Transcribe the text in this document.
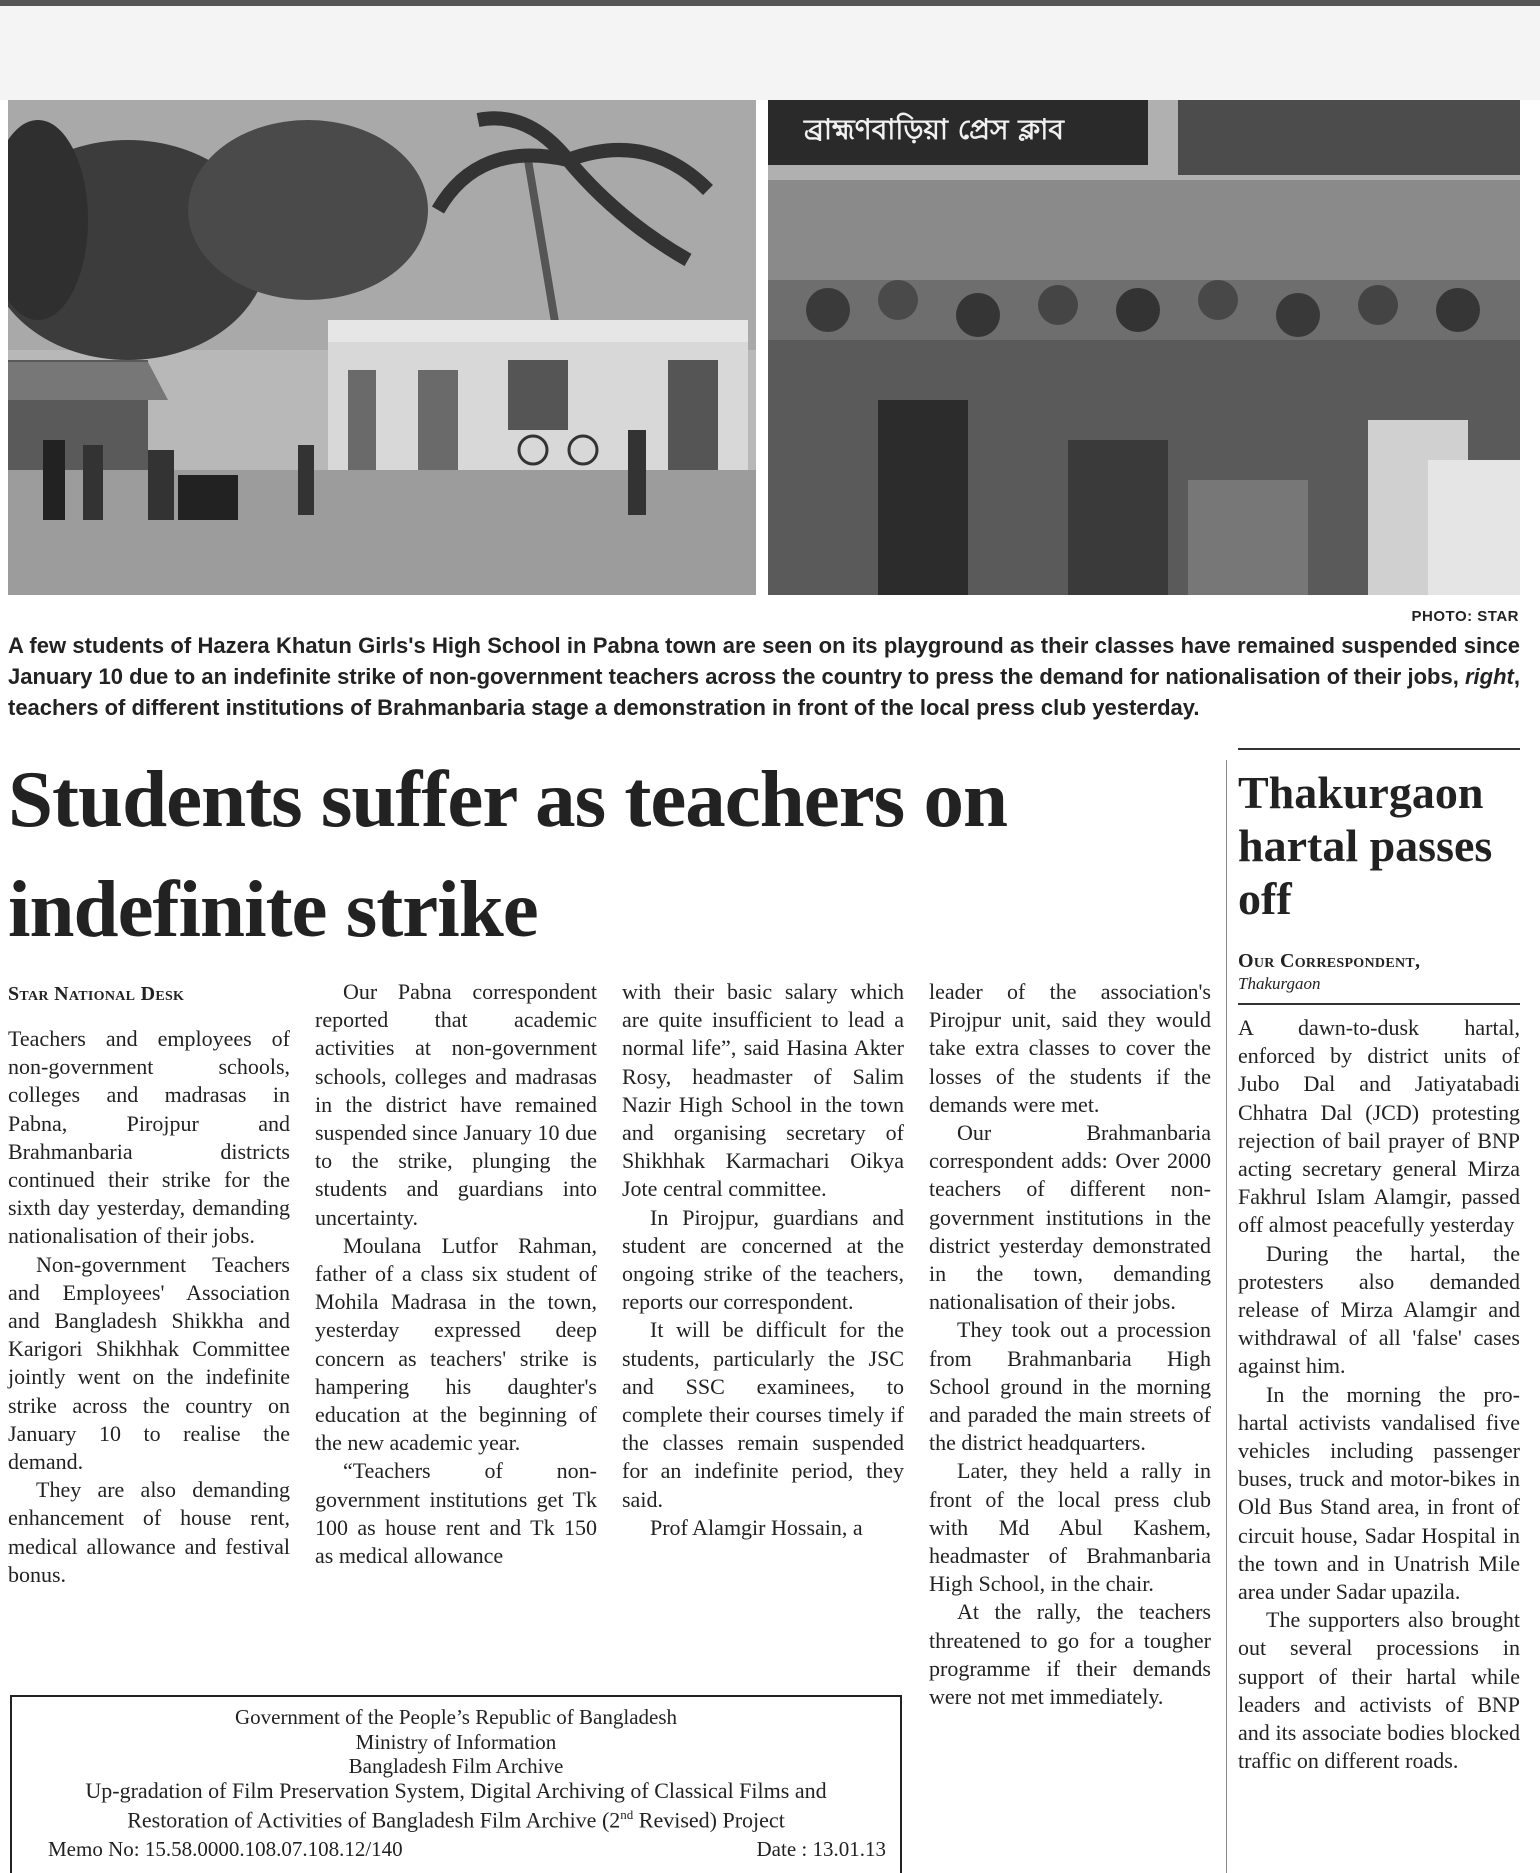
ব্রাহ্মণবাড়িয়া প্রেস ক্লাব
PHOTO: STAR
A few students of Hazera Khatun Girls's High School in Pabna town are seen on its playground as their classes have remained suspended since January 10 due to an indefinite strike of non-government teachers across the country to press the demand for nationalisation of their jobs, right, teachers of different institutions of Brahmanbaria stage a demonstration in front of the local press club yesterday.
Students suffer as teachers on indefinite strike
Thakurgaon hartal passes off
Star National Desk
Our Correspondent,
Thakurgaon

Teachers and employees of non-government schools, colleges and madrasas in Pabna, Pirojpur and Brahmanbaria districts continued their strike for the sixth day yesterday, demanding nationalisation of their jobs.

Non-government Teachers and Employees' Association and Bangladesh Shikkha and Karigori Shikhhak Committee jointly went on the indefinite strike across the country on January 10 to realise the demand.

They are also demanding enhancement of house rent, medical allowance and festival bonus.

Our Pabna correspondent reported that academic activities at non-government schools, colleges and madrasas in the district have remained suspended since January 10 due to the strike, plunging the students and guardians into uncertainty.

Moulana Lutfor Rahman, father of a class six student of Mohila Madrasa in the town, yesterday expressed deep concern as teachers' strike is hampering his daughter's education at the beginning of the new academic year.

“Teachers of non-government institutions get Tk 100 as house rent and Tk 150 as medical allowance

with their basic salary which are quite insufficient to lead a normal life”, said Hasina Akter Rosy, headmaster of Salim Nazir High School in the town and organising secretary of Shikhhak Karmachari Oikya Jote central committee.

In Pirojpur, guardians and student are concerned at the ongoing strike of the teachers, reports our correspondent.

It will be difficult for the students, particularly the JSC and SSC examinees, to complete their courses timely if the classes remain suspended for an indefinite period, they said.

Prof Alamgir Hossain, a

leader of the association's Pirojpur unit, said they would take extra classes to cover the losses of the students if the demands were met.

Our Brahmanbaria correspondent adds: Over 2000 teachers of different non-government institutions in the district yesterday demonstrated in the town, demanding nationalisation of their jobs.

They took out a procession from Brahmanbaria High School ground in the morning and paraded the main streets of the district headquarters.

Later, they held a rally in front of the local press club with Md Abul Kashem, headmaster of Brahmanbaria High School, in the chair.

At the rally, the teachers threatened to go for a tougher programme if their demands were not met immediately.

A dawn-to-dusk hartal, enforced by district units of Jubo Dal and Jatiyatabadi Chhatra Dal (JCD) protesting rejection of bail prayer of BNP acting secretary general Mirza Fakhrul Islam Alamgir, passed off almost peacefully yesterday

During the hartal, the protesters also demanded release of Mirza Alamgir and withdrawal of all 'false' cases against him.

In the morning the pro-hartal activists vandalised five vehicles including passenger buses, truck and motor-bikes in Old Bus Stand area, in front of circuit house, Sadar Hospital in the town and in Unatrish Mile area under Sadar upazila.

The supporters also brought out several processions in support of their hartal while leaders and activists of BNP and its associate bodies blocked traffic on different roads.

Government of the People’s Republic of Bangladesh
Ministry of Information
Bangladesh Film Archive
Up-gradation of Film Preservation System, Digital Archiving of Classical Films and
Restoration of Activities of Bangladesh Film Archive (2nd Revised) Project
Memo No: 15.58.0000.108.07.108.12/140	Date : 13.01.13
